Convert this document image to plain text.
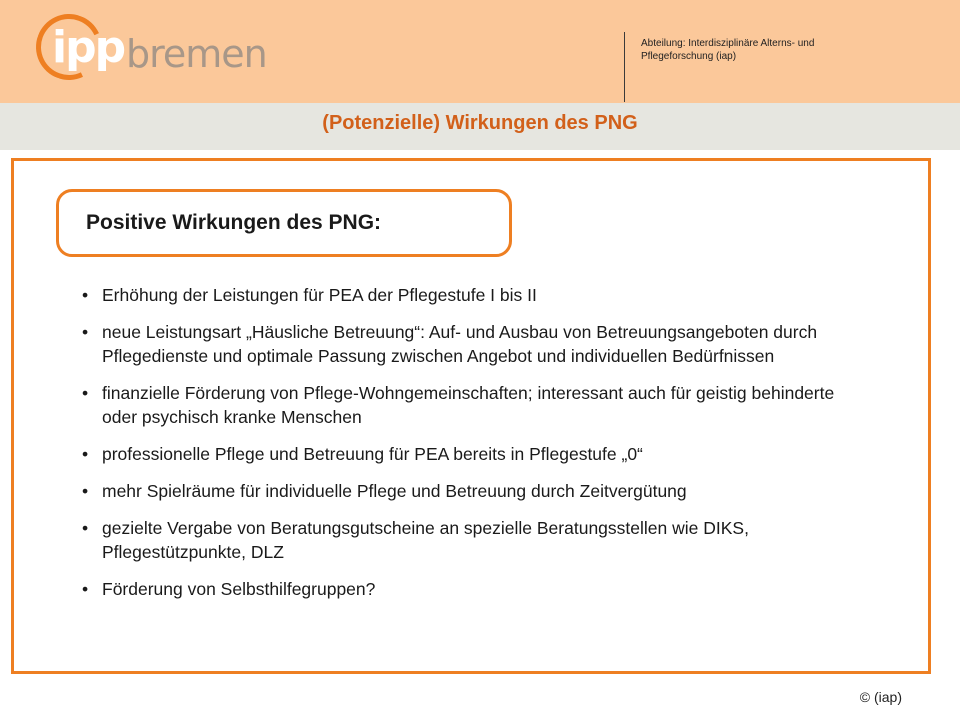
ipp bremen	Abteilung: Interdisziplinäre Alterns- und Pflegeforschung (iap)
(Potenzielle) Wirkungen des PNG
Positive Wirkungen des PNG:
• Erhöhung der Leistungen für PEA der Pflegestufe I bis II
• neue Leistungsart „Häusliche Betreuung“: Auf- und Ausbau von Betreuungsangeboten durch Pflegedienste und optimale Passung zwischen Angebot und individuellen Bedürfnissen
• finanzielle Förderung von Pflege-Wohngemeinschaften; interessant auch für geistig behinderte oder psychisch kranke Menschen
• professionelle Pflege und Betreuung für PEA bereits in Pflegestufe „0“
• mehr Spielräume für individuelle Pflege und Betreuung durch Zeitvergütung
• gezielte Vergabe von Beratungsgutscheine an spezielle Beratungsstellen wie DIKS, Pflegestützpunkte, DLZ
• Förderung von Selbsthilfegruppen?
© (iap)
